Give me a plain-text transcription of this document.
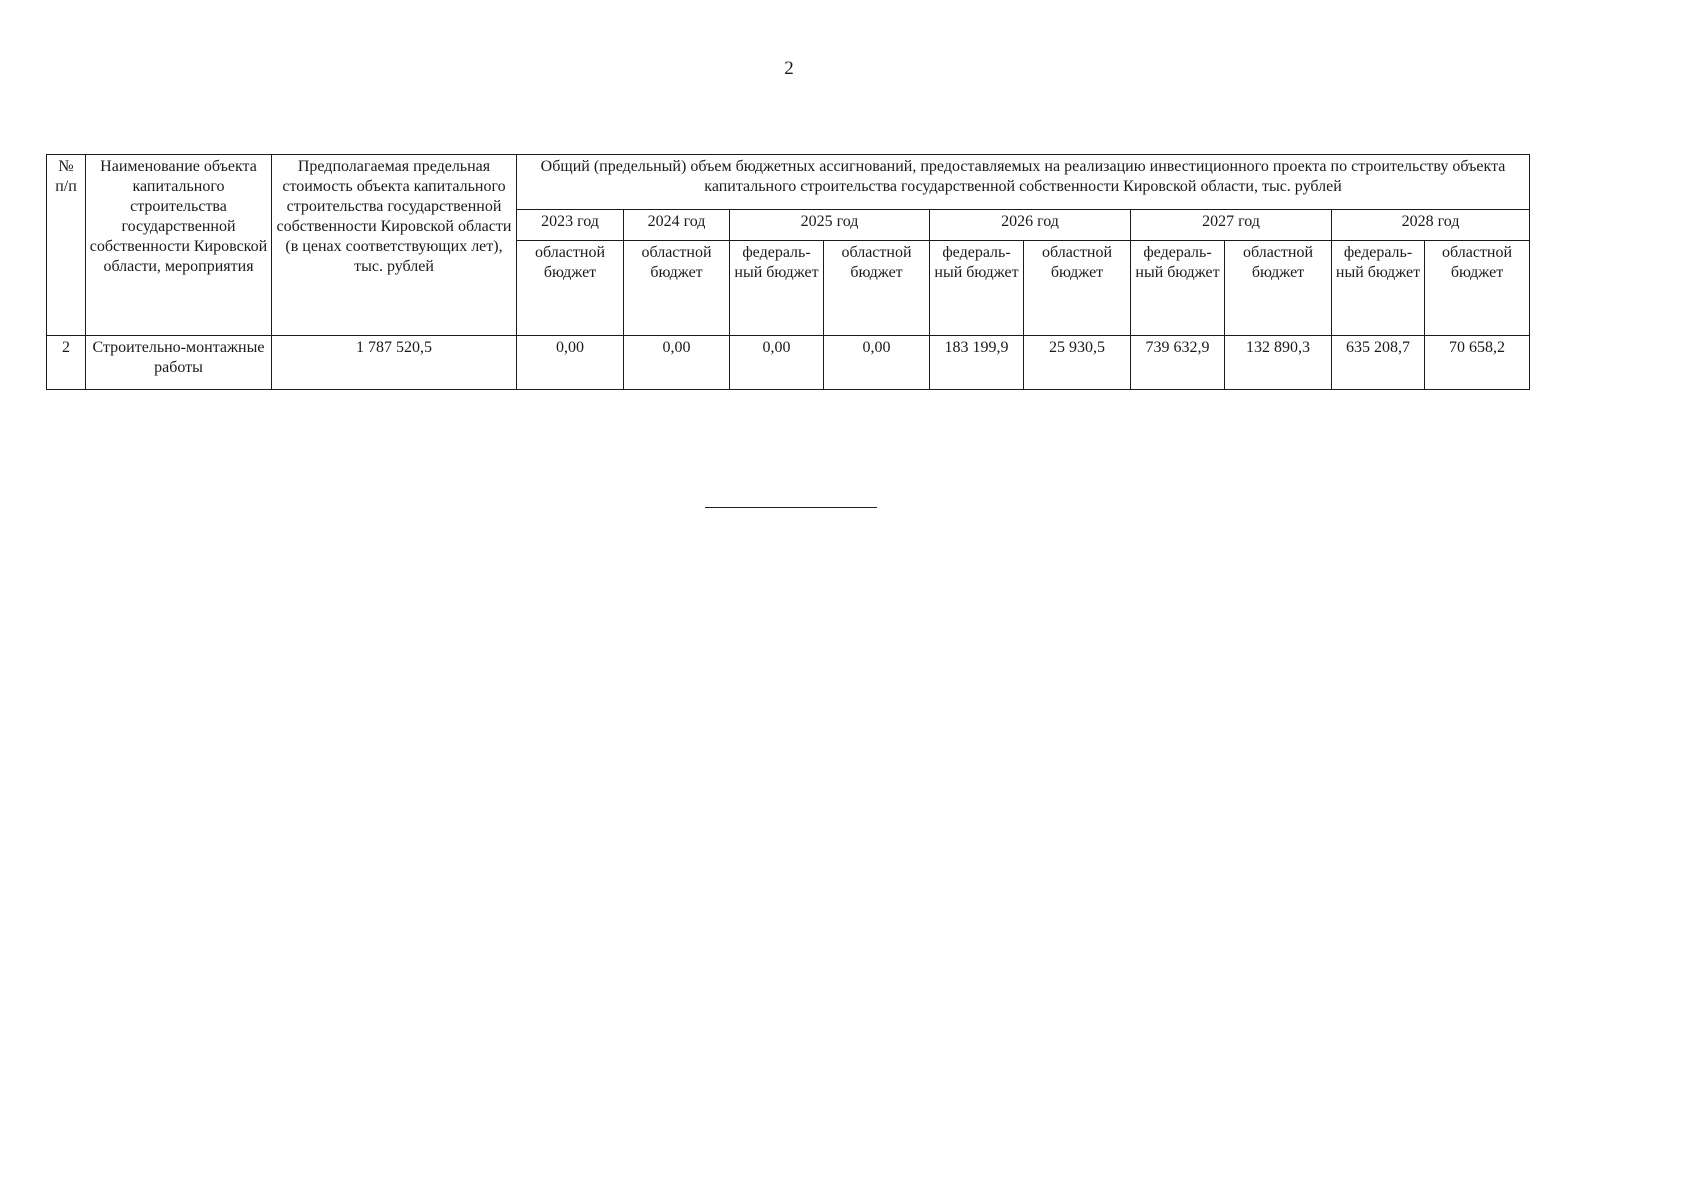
2
№ п/п	Наименование объекта капитального строительства государственной собственности Кировской области, мероприятия	Предполагаемая предельная стоимость объекта капитального строительства государственной собственности Кировской области (в ценах соответствующих лет), тыс. рублей	Общий (предельный) объем бюджетных ассигнований, предоставляемых на реализацию инвестиционного проекта по строительству объекта капитального строительства государственной собственности Кировской области, тыс. рублей									
			2023 год	2024 год	2025 год		2026 год		2027 год		2028 год	
			областной бюджет	областной бюджет	федераль-ный бюджет	областной бюджет	федераль-ный бюджет	областной бюджет	федераль-ный бюджет	областной бюджет	федераль-ный бюджет	областной бюджет
2	Строительно-монтажные работы	1 787 520,5	0,00	0,00	0,00	0,00	183 199,9	25 930,5	739 632,9	132 890,3	635 208,7	70 658,2
